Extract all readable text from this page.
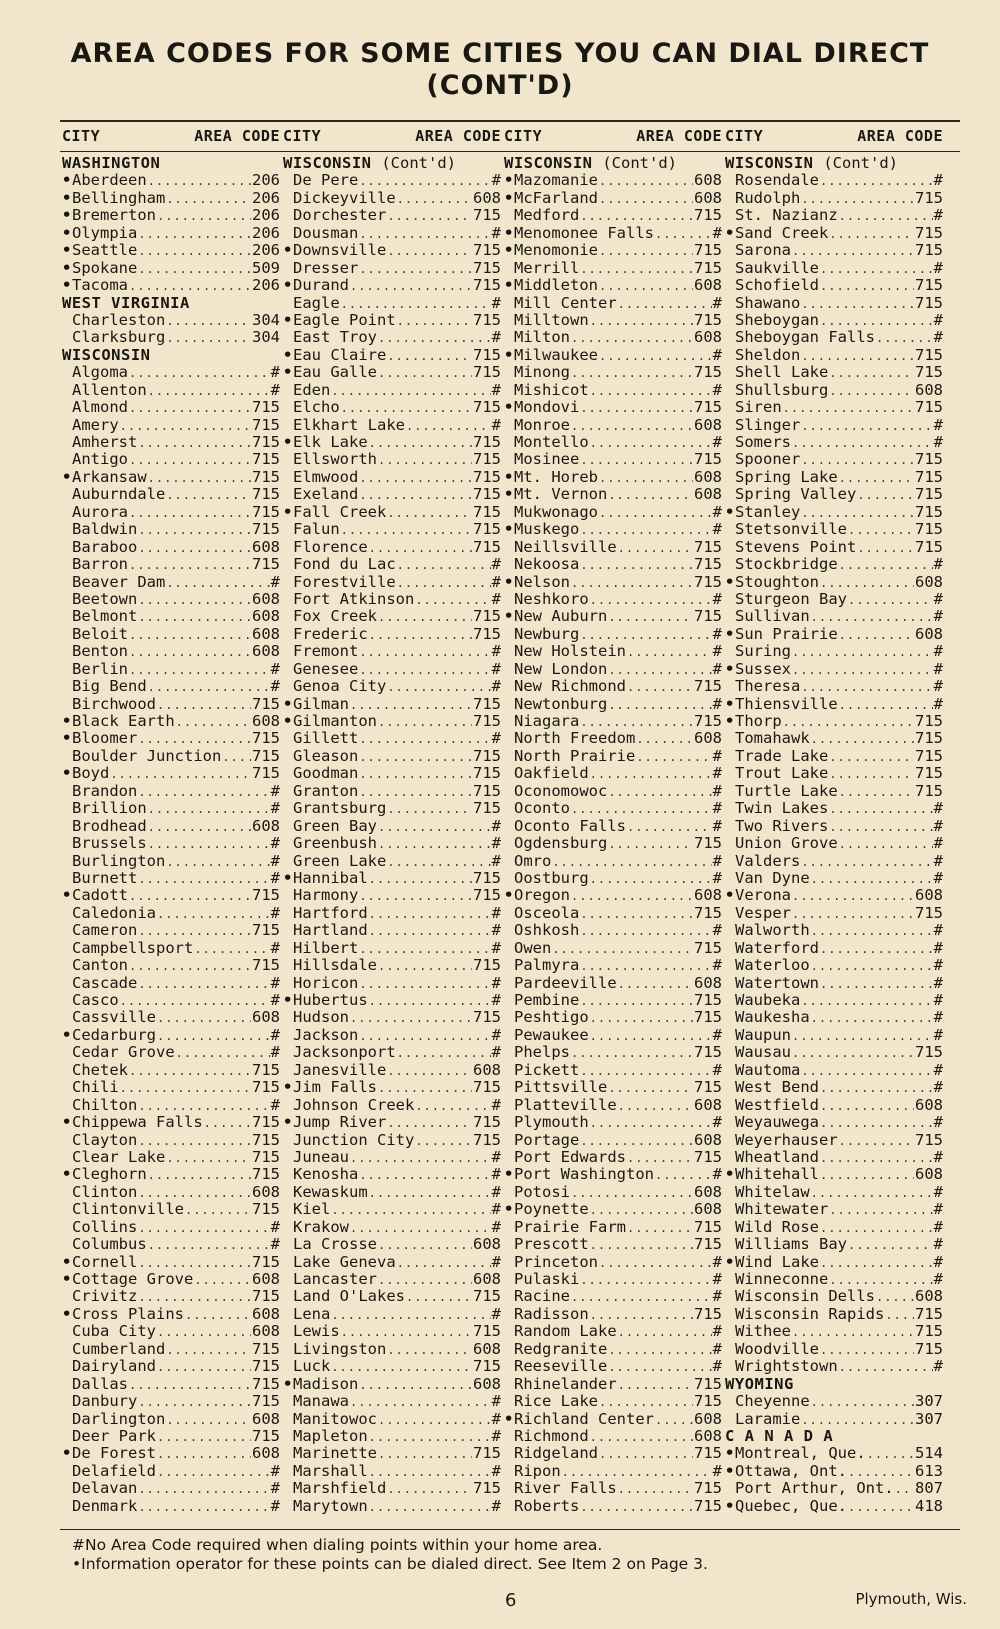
AREA CODES FOR SOME CITIES YOU CAN DIAL DIRECT
(CONT'D)
CITY	AREA CODE CITY	AREA CODE CITY	AREA CODE CITY	AREA CODE
WASHINGTON
• Aberdeen .....	206
• Bellingham .....	206
• Bremerton .....	206
• Olympia .....	206
• Seattle .....	206
• Spokane .....	509
• Tacoma .....	206
WEST VIRGINIA
Charleston .....	304
Clarksburg .....	304
WISCONSIN
Algoma .....	#
Allenton .....	#
Almond .....	715
Amery .....	715
Amherst .....	715
Antigo .....	715
• Arkansaw .....	715
Auburndale .....	715
Aurora .....	715
Baldwin .....	715
Baraboo .....	608
Barron .....	715
Beaver Dam .....	#
Beetown .....	608
Belmont .....	608
Beloit .....	608
Benton .....	608
Berlin .....	#
Big Bend .....	#
Birchwood .....	715
• Black Earth .....	608
• Bloomer .....	715
Boulder Junction ..... 715
• Boyd .....	715
Brandon .....	#
Brillion .....	#
Brodhead .....	608
Brussels .....	#
Burlington .....	#
Burnett .....	#
• Cadott .....	715
Caledonia .....	#
Cameron .....	715
Campbellsport .....	#
Canton .....	715
Cascade .....	#
Casco .....	#
Cassville .....	608
• Cedarburg .....	#
Cedar Grove .....	#
Chetek .....	715
Chili .....	715
Chilton .....	#
• Chippewa Falls .....	715
Clayton .....	715
Clear Lake .....	715
• Cleghorn .....	715
Clinton .....	608
Clintonville .....	715
Collins .....	#
Columbus .....	#
• Cornell .....	715
• Cottage Grove .....	608
Crivitz .....	715
• Cross Plains .....	608
Cuba City .....	608
Cumberland .....	715
Dairyland .....	715
Dallas .....	715
Danbury .....	715
Darlington .....	608
Deer Park .....	715
• De Forest .....	608
Delafield .....	#
Delavan .....	#
Denmark .....	#
WISCONSIN (Cont'd)
De Pere .....	#
Dickeyville .....	608
Dorchester .....	715
Dousman .....	#
• Downsville .....	715
Dresser .....	715
• Durand .....	715
Eagle .....	#
• Eagle Point .....	715
East Troy .....	#
• Eau Claire .....	715
• Eau Galle .....	715
Eden .....	#
Elcho .....	715
Elkhart Lake .....	#
• Elk Lake .....	715
Ellsworth .....	715
Elmwood .....	715
Exeland .....	715
• Fall Creek .....	715
Falun .....	715
Florence .....	715
Fond du Lac .....	#
Forestville .....	#
Fort Atkinson .....	#
Fox Creek .....	715
Frederic .....	715
Fremont .....	#
Genesee .....	#
Genoa City .....	#
• Gilman .....	715
• Gilmanton .....	715
Gillett .....	#
Gleason .....	715
Goodman .....	715
Granton .....	715
Grantsburg .....	715
Green Bay .....	#
Greenbush .....	#
Green Lake .....	#
• Hannibal .....	715
Harmony .....	715
Hartford .....	#
Hartland .....	#
Hilbert .....	#
Hillsdale .....	715
Horicon .....	#
• Hubertus .....	#
Hudson .....	715
Jackson .....	#
Jacksonport .....	#
Janesville .....	608
• Jim Falls .....	715
Johnson Creek .....	#
• Jump River .....	715
Junction City .....	715
Juneau .....	#
Kenosha .....	#
Kewaskum .....	#
Kiel .....	#
Krakow .....	#
La Crosse .....	608
Lake Geneva .....	#
Lancaster .....	608
Land O'Lakes .....	715
Lena .....	#
Lewis .....	715
Livingston .....	608
Luck .....	715
• Madison .....	608
Manawa .....	#
Manitowoc .....	#
Mapleton .....	#
Marinette .....	715
Marshall .....	#
Marshfield .....	715
Marytown .....	#
WISCONSIN (Cont'd)
• Mazomanie .....	608
• McFarland .....	608
Medford .....	715
• Menomonee Falls .....	#
• Menomonie .....	715
Merrill .....	715
• Middleton .....	608
Mill Center .....	#
Milltown .....	715
Milton .....	608
• Milwaukee .....	#
Minong .....	715
Mishicot .....	#
• Mondovi .....	715
Monroe .....	608
Montello .....	#
Mosinee .....	715
• Mt. Horeb .....	608
• Mt. Vernon .....	608
Mukwonago .....	#
• Muskego .....	#
Neillsville .....	715
Nekoosa .....	715
• Nelson .....	715
Neshkoro .....	#
• New Auburn .....	715
Newburg .....	#
New Holstein .....	#
New London .....	#
New Richmond .....	715
Newtonburg .....	#
Niagara .....	715
North Freedom .....	608
North Prairie .....	#
Oakfield .....	#
Oconomowoc .....	#
Oconto .....	#
Oconto Falls .....	#
Ogdensburg .....	715
Omro .....	#
Oostburg .....	#
• Oregon .....	608
Osceola .....	715
Oshkosh .....	#
Owen .....	715
Palmyra .....	#
Pardeeville .....	608
Pembine .....	715
Peshtigo .....	715
Pewaukee .....	#
Phelps .....	715
Pickett .....	#
Pittsville .....	715
Platteville .....	608
Plymouth .....	#
Portage .....	608
Port Edwards .....	715
• Port Washington .....	#
Potosi .....	608
• Poynette .....	608
Prairie Farm .....	715
Prescott .....	715
Princeton .....	#
Pulaski .....	#
Racine .....	#
Radisson .....	715
Random Lake .....	#
Redgranite .....	#
Reeseville .....	#
Rhinelander .....	715
Rice Lake .....	715
• Richland Center .....	608
Richmond .....	608
Ridgeland .....	715
Ripon .....	#
River Falls .....	715
Roberts .....	715
WISCONSIN (Cont'd)
Rosendale .....	#
Rudolph .....	715
St. Nazianz .....	#
• Sand Creek .....	715
Sarona .....	715
Saukville .....	#
Schofield .....	715
Shawano .....	715
Sheboygan .....	#
Sheboygan Falls .....	#
Sheldon .....	715
Shell Lake .....	715
Shullsburg .....	608
Siren .....	715
Slinger .....	#
Somers .....	#
Spooner .....	715
Spring Lake .....	715
Spring Valley .....	715
• Stanley .....	715
Stetsonville .....	715
Stevens Point .....	715
Stockbridge .....	#
• Stoughton .....	608
Sturgeon Bay .....	#
Sullivan .....	#
• Sun Prairie .....	608
Suring .....	#
• Sussex .....	#
Theresa .....	#
• Thiensville .....	#
• Thorp .....	715
Tomahawk .....	715
Trade Lake .....	715
Trout Lake .....	715
Turtle Lake .....	715
Twin Lakes .....	#
Two Rivers .....	#
Union Grove .....	#
Valders .....	#
Van Dyne .....	#
• Verona .....	608
Vesper .....	715
Walworth .....	#
Waterford .....	#
Waterloo .....	#
Watertown .....	#
Waubeka .....	#
Waukesha .....	#
Waupun .....	#
Wausau .....	715
Wautoma .....	#
West Bend .....	#
Westfield .....	608
Weyauwega .....	#
Weyerhauser .....	715
Wheatland .....	#
• Whitehall .....	608
Whitelaw .....	#
Whitewater .....	#
Wild Rose .....	#
Williams Bay .....	#
• Wind Lake .....	#
Winneconne .....	#
Wisconsin Dells .....	608
Wisconsin Rapids ..... 715
Withee .....	715
Woodville .....	715
Wrightstown .....	#
WYOMING
Cheyenne .....	307
Laramie .....	307
C A N A D A
• Montreal, Que. .....	514
• Ottawa, Ont. .....	613
Port Arthur, Ont. ..... 807
• Quebec, Que. .....	418
#No Area Code required when dialing points within your home area.
•Information operator for these points can be dialed direct. See Item 2 on Page 3.
6	Plymouth, Wis.
